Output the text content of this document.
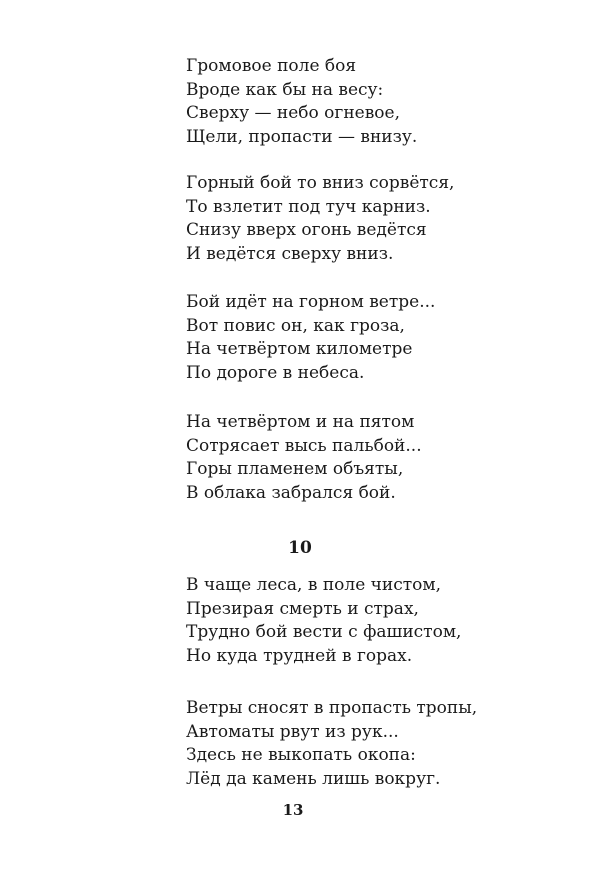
Громовое поле боя
Вроде как бы на весу:
Сверху — небо огневое,
Щели, пропасти — внизу.
Горный бой то вниз сорвётся,
То взлетит под туч карниз.
Снизу вверх огонь ведётся
И ведётся сверху вниз.
Бой идёт на горном ветре...
Вот повис он, как гроза,
На четвёртом километре
По дороге в небеса.
На четвёртом и на пятом
Сотрясает высь пальбой...
Горы пламенем объяты,
В облака забрался бой.
10
В чаще леса, в поле чистом,
Презирая смерть и страх,
Трудно бой вести с фашистом,
Но куда трудней в горах.
Ветры сносят в пропасть тропы,
Автоматы рвут из рук...
Здесь не выкопать окопа:
Лёд да камень лишь вокруг.
13
